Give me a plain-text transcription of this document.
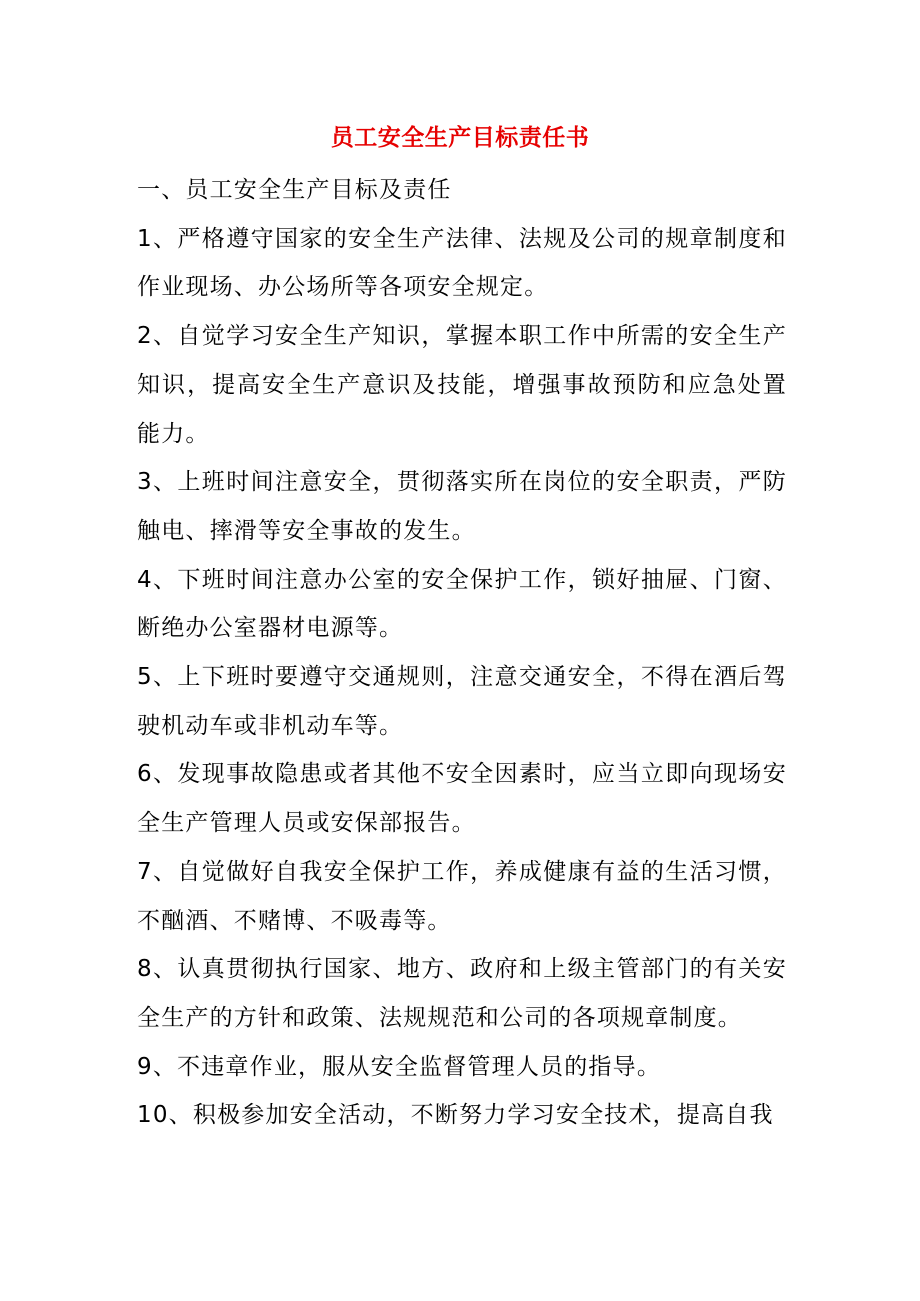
员工安全生产目标责任书

一、员工安全生产目标及责任

1、严格遵守国家的安全生产法律、法规及公司的规章制度和作业现场、办公场所等各项安全规定。

2、自觉学习安全生产知识，掌握本职工作中所需的安全生产知识，提高安全生产意识及技能，增强事故预防和应急处置能力。

3、上班时间注意安全，贯彻落实所在岗位的安全职责，严防触电、摔滑等安全事故的发生。

4、下班时间注意办公室的安全保护工作，锁好抽屉、门窗、断绝办公室器材电源等。

5、上下班时要遵守交通规则，注意交通安全，不得在酒后驾驶机动车或非机动车等。

6、发现事故隐患或者其他不安全因素时，应当立即向现场安全生产管理人员或安保部报告。

7、自觉做好自我安全保护工作，养成健康有益的生活习惯，不酗酒、不赌博、不吸毒等。

8、认真贯彻执行国家、地方、政府和上级主管部门的有关安全生产的方针和政策、法规规范和公司的各项规章制度。

9、不违章作业，服从安全监督管理人员的指导。

10、积极参加安全活动，不断努力学习安全技术，提高自我
